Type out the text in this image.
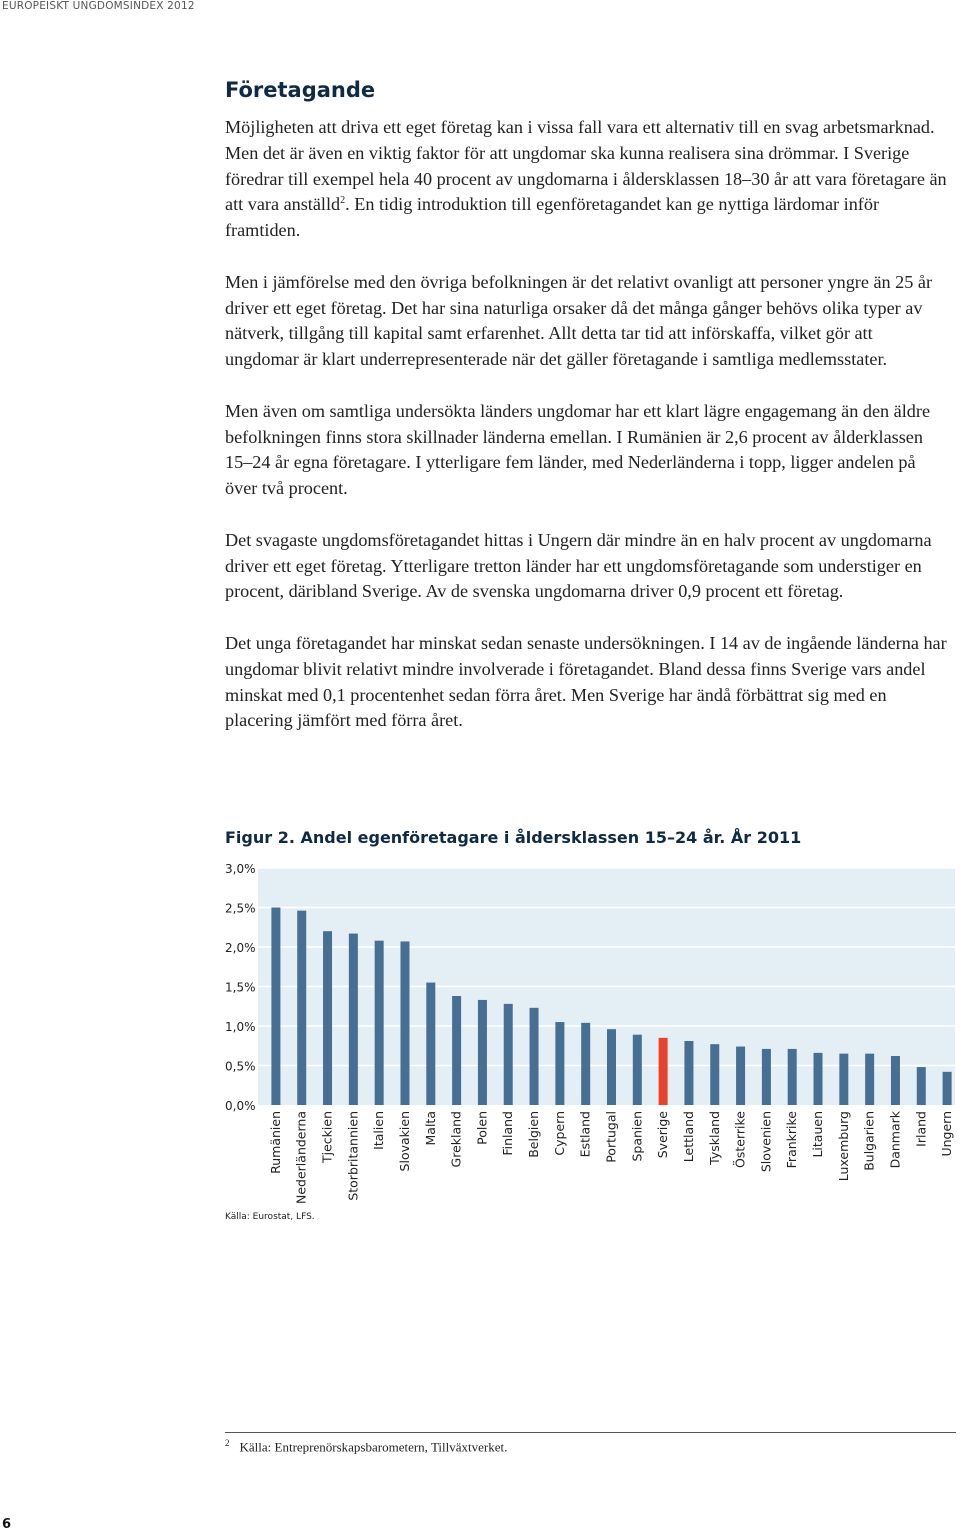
EUROPEISKT UNGDOMSINDEX 2012
Företagande

Möjligheten att driva ett eget företag kan i vissa fall vara ett alternativ till en svag arbetsmarknad. Men det är även en viktig faktor för att ungdomar ska kunna realisera sina drömmar. I Sverige föredrar till exempel hela 40 procent av ungdomarna i åldersklassen 18–30 år att vara företagare än att vara anställd$^2$. En tidig introduktion till egenföretagandet kan ge nyttiga lärdomar inför framtiden.

Men i jämförelse med den övriga befolkningen är det relativt ovanligt att personer yngre än 25 år driver ett eget företag. Det har sina naturliga orsaker då det många gånger behövs olika typer av nätverk, tillgång till kapital samt erfarenhet. Allt detta tar tid att införskaffa, vilket gör att ungdomar är klart underrepresenterade när det gäller företagande i samtliga medlemsstater.

Men även om samtliga undersökta länders ungdomar har ett klart lägre engagemang än den äldre befolkningen finns stora skillnader länderna emellan. I Rumänien är 2,6 procent av ålderklassen 15–24 år egna företagare. I ytterligare fem länder, med Nederländerna i topp, ligger andelen på över två procent.

Det svagaste ungdomsföretagandet hittas i Ungern där mindre än en halv procent av ungdomarna driver ett eget företag. Ytterligare tretton länder har ett ungdomsföretagande som understiger en procent, däribland Sverige. Av de svenska ungdomarna driver 0,9 procent ett företag.

Det unga företagandet har minskat sedan senaste undersökningen. I 14 av de ingående länderna har ungdomar blivit relativt mindre involverade i företagandet. Bland dessa finns Sverige vars andel minskat med 0,1 procentenhet sedan förra året. Men Sverige har ändå förbättrat sig med en placering jämfört med förra året.

Figur 2. Andel egenföretagare i åldersklassen 15–24 år. År 2011
0,0%
0,5%
1,0%
1,5%
2,0%
2,5%
3,0%
Rumänien Nederländerna Tjeckien Storbritannien Italien Slovakien Malta Grekland Polen Finland Belgien Cypern Estland Portugal Spanien Sverige Lettland Tyskland Österrike Slovenien Frankrike Litauen Luxemburg Bulgarien Danmark Irland Ungern
Källa: Eurostat, LFS.
$^2$ Källa: Entreprenörskapsbarometern, Tillväxtverket.
6
